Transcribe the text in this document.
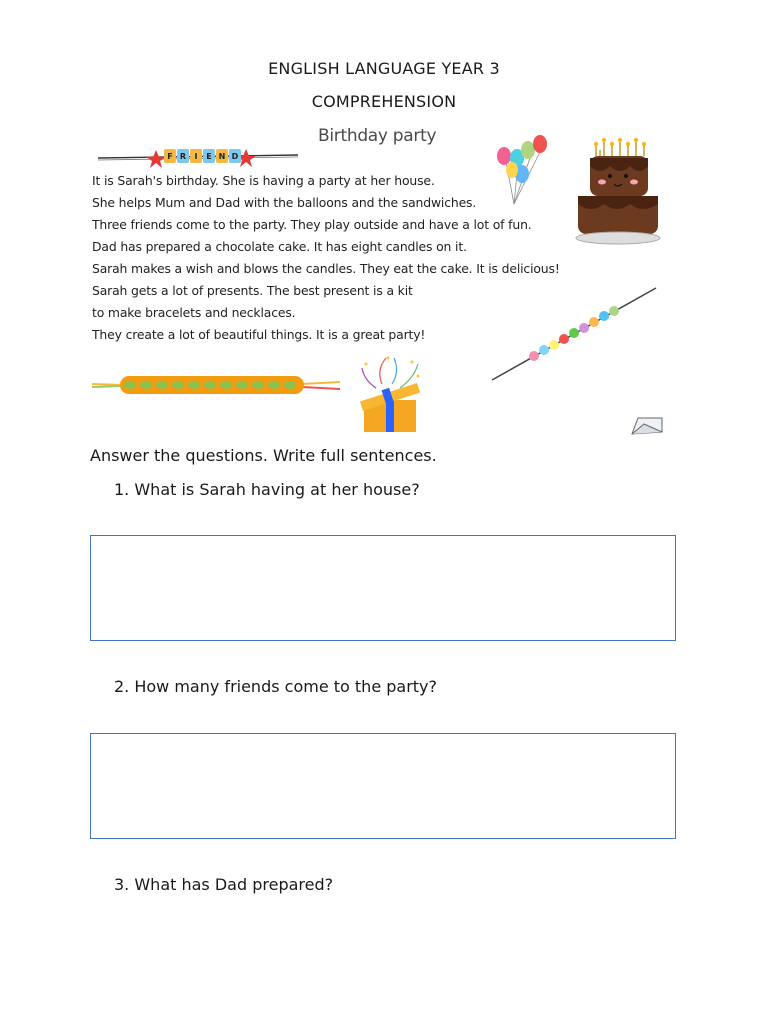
ENGLISH LANGUAGE YEAR 3
COMPREHENSION
Birthday party
F R I E N D
It is Sarah's birthday. She is having a party at her house.
She helps Mum and Dad with the balloons and the sandwiches.
Three friends come to the party. They play outside and have a lot of fun.
Dad has prepared a chocolate cake. It has eight candles on it.
Sarah makes a wish and blows the candles. They eat the cake. It is delicious!
Sarah gets a lot of presents. The best present is a kit
to make bracelets and necklaces.
They create a lot of beautiful things. It is a great party!
Answer the questions. Write full sentences.
1. What is Sarah having at her house?
2. How many friends come to the party?
3. What has Dad prepared?
